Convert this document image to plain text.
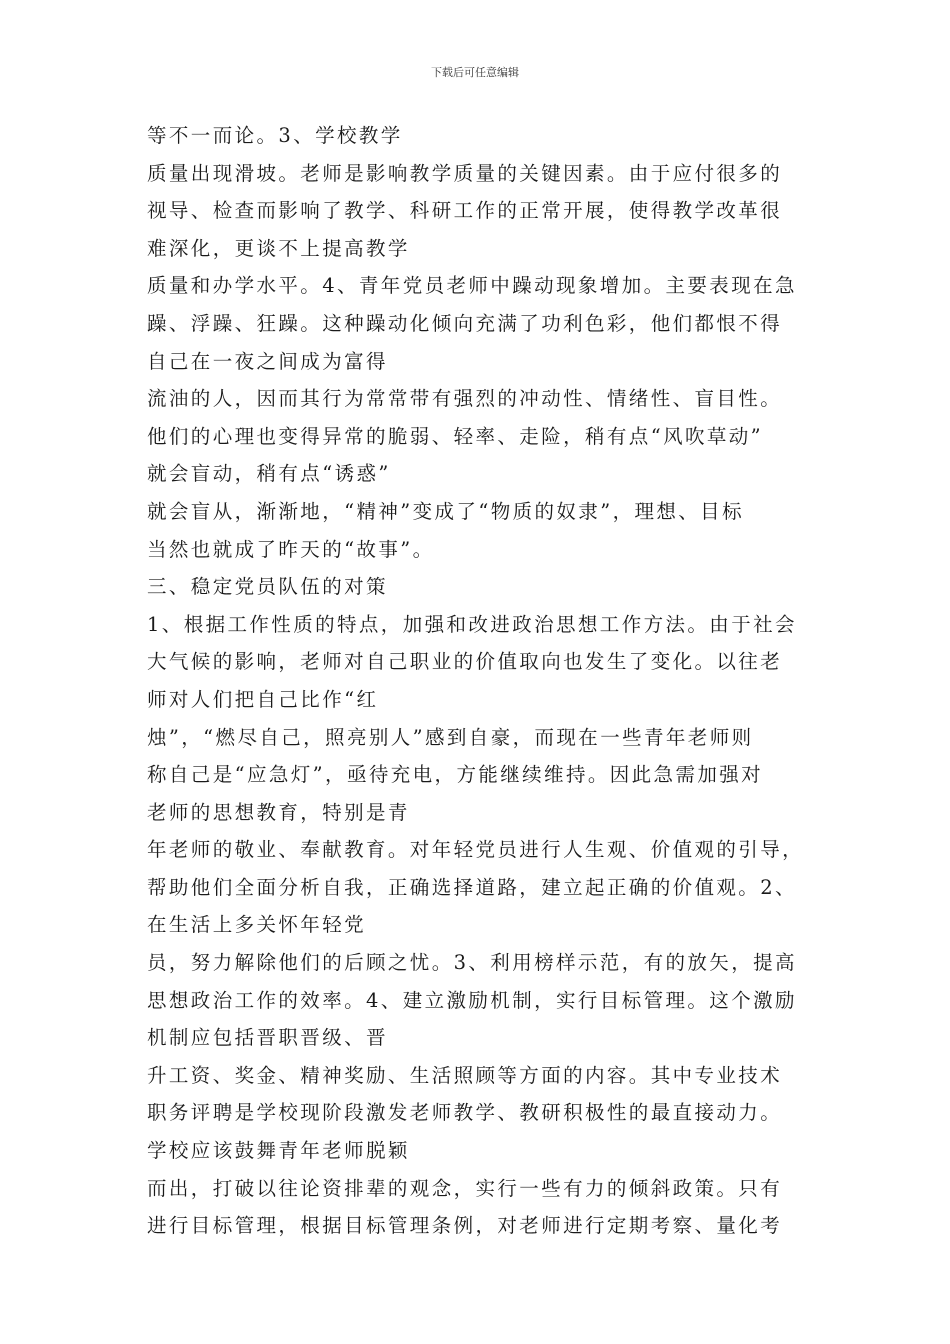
下载后可任意编辑
等不一而论。3、学校教学
质量出现滑坡。老师是影响教学质量的关键因素。由于应付很多的
视导、检查而影响了教学、科研工作的正常开展，使得教学改革很
难深化，更谈不上提高教学
质量和办学水平。4、青年党员老师中躁动现象增加。主要表现在急
躁、浮躁、狂躁。这种躁动化倾向充满了功利色彩，他们都恨不得
自己在一夜之间成为富得
流油的人，因而其行为常常带有强烈的冲动性、情绪性、盲目性。
他们的心理也变得异常的脆弱、轻率、走险，稍有点“风吹草动”
就会盲动，稍有点“诱惑”
就会盲从，渐渐地，“精神”变成了“物质的奴隶”，理想、目标
当然也就成了昨天的“故事”。
三、稳定党员队伍的对策
1、根据工作性质的特点，加强和改进政治思想工作方法。由于社会
大气候的影响，老师对自己职业的价值取向也发生了变化。以往老
师对人们把自己比作“红
烛”，“燃尽自己，照亮别人”感到自豪，而现在一些青年老师则
称自己是“应急灯”，亟待充电，方能继续维持。因此急需加强对
老师的思想教育，特别是青
年老师的敬业、奉献教育。对年轻党员进行人生观、价值观的引导，
帮助他们全面分析自我，正确选择道路，建立起正确的价值观。2、
在生活上多关怀年轻党
员，努力解除他们的后顾之忧。3、利用榜样示范，有的放矢，提高
思想政治工作的效率。4、建立激励机制，实行目标管理。这个激励
机制应包括晋职晋级、晋
升工资、奖金、精神奖励、生活照顾等方面的内容。其中专业技术
职务评聘是学校现阶段激发老师教学、教研积极性的最直接动力。
学校应该鼓舞青年老师脱颖
而出，打破以往论资排辈的观念，实行一些有力的倾斜政策。只有
进行目标管理，根据目标管理条例，对老师进行定期考察、量化考
